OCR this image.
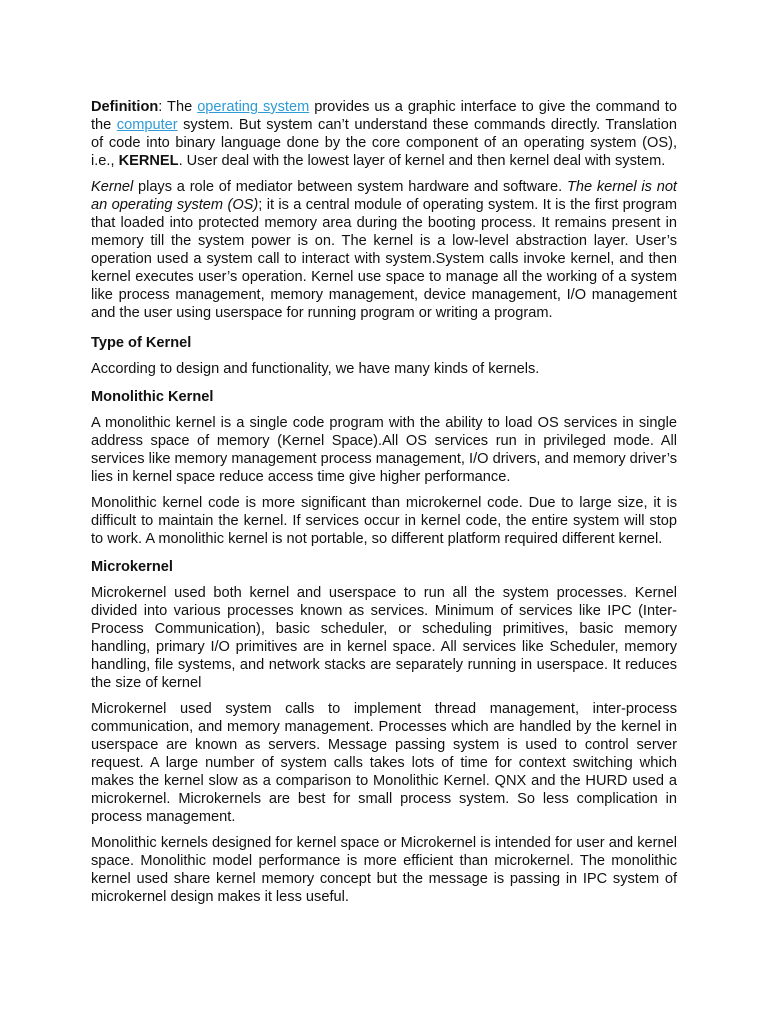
Definition: The operating system provides us a graphic interface to give the command to the computer system. But system can’t understand these commands directly. Translation of code into binary language done by the core component of an operating system (OS), i.e., KERNEL. User deal with the lowest layer of kernel and then kernel deal with system.

Kernel plays a role of mediator between system hardware and software. The kernel is not an operating system (OS); it is a central module of operating system. It is the first program that loaded into protected memory area during the booting process. It remains present in memory till the system power is on. The kernel is a low-level abstraction layer. User’s operation used a system call to interact with system.System calls invoke kernel, and then kernel executes user’s operation. Kernel use space to manage all the working of a system like process management, memory management, device management, I/O management and the user using userspace for running program or writing a program.

Type of Kernel

According to design and functionality, we have many kinds of kernels.

Monolithic Kernel

A monolithic kernel is a single code program with the ability to load OS services in single address space of memory (Kernel Space).All OS services run in privileged mode. All services like memory management process management, I/O drivers, and memory driver’s lies in kernel space reduce access time give higher performance.

Monolithic kernel code is more significant than microkernel code. Due to large size, it is difficult to maintain the kernel. If services occur in kernel code, the entire system will stop to work. A monolithic kernel is not portable, so different platform required different kernel.

Microkernel

Microkernel used both kernel and userspace to run all the system processes. Kernel divided into various processes known as services. Minimum of services like IPC (Inter-Process Communication), basic scheduler, or scheduling primitives, basic memory handling, primary I/O primitives are in kernel space. All services like Scheduler, memory handling, file systems, and network stacks are separately running in userspace. It reduces the size of kernel

Microkernel used system calls to implement thread management, inter-process communication, and memory management. Processes which are handled by the kernel in userspace are known as servers. Message passing system is used to control server request. A large number of system calls takes lots of time for context switching which makes the kernel slow as a comparison to Monolithic Kernel. QNX and the HURD used a microkernel. Microkernels are best for small process system. So less complication in process management.

Monolithic kernels designed for kernel space or Microkernel is intended for user and kernel space. Monolithic model performance is more efficient than microkernel. The monolithic kernel used share kernel memory concept but the message is passing in IPC system of microkernel design makes it less useful.
